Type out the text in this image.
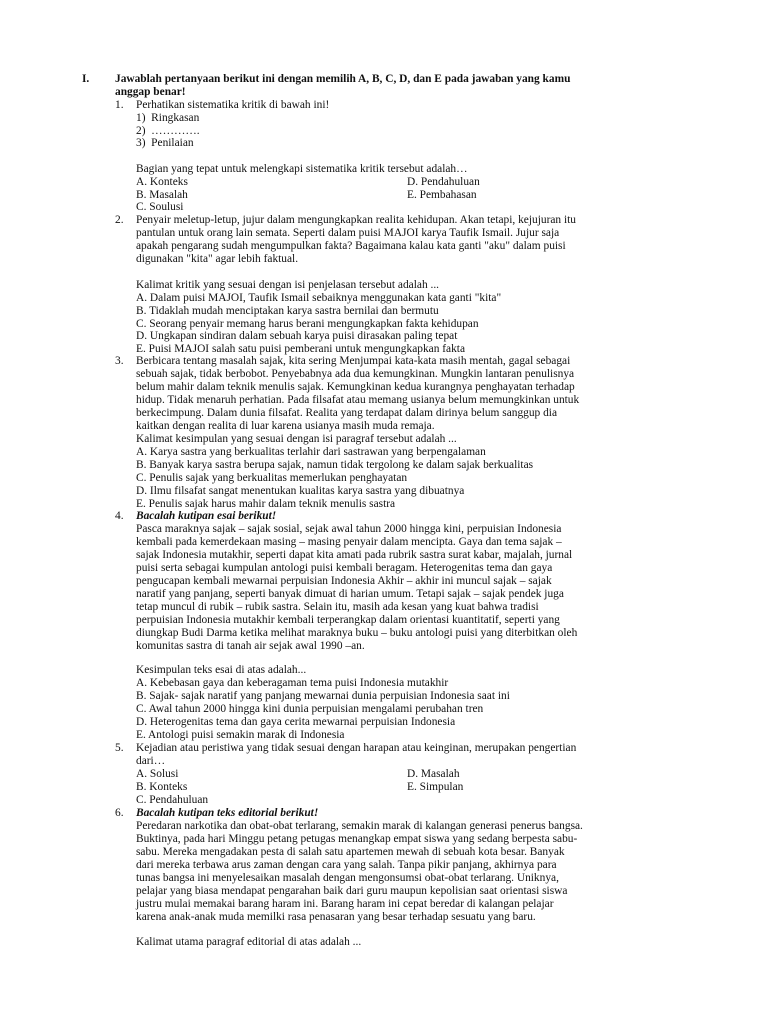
I. Jawablah pertanyaan berikut ini dengan memilih A, B, C, D, dan E pada jawaban yang kamu
anggap benar!
1. Perhatikan sistematika kritik di bawah ini!
1)  Ringkasan
2)  ………….
3)  Penilaian
Bagian yang tepat untuk melengkapi sistematika kritik tersebut adalah…
A. Konteks
B. Masalah
C. Soulusi
D. Pendahuluan
E. Pembahasan
2. Penyair meletup-letup, jujur dalam mengungkapkan realita kehidupan. Akan tetapi, kejujuran itu
pantulan untuk orang lain semata. Seperti dalam puisi MAJOI karya Taufik Ismail. Jujur saja
apakah pengarang sudah mengumpulkan fakta? Bagaimana kalau kata ganti "aku" dalam puisi
digunakan "kita" agar lebih faktual.
Kalimat kritik yang sesuai dengan isi penjelasan tersebut adalah ...
A. Dalam puisi MAJOI, Taufik Ismail sebaiknya menggunakan kata ganti "kita"
B. Tidaklah mudah menciptakan karya sastra bernilai dan bermutu
C. Seorang penyair memang harus berani mengungkapkan fakta kehidupan
D. Ungkapan sindiran dalam sebuah karya puisi dirasakan paling tepat
E. Puisi MAJOI salah satu puisi pemberani untuk mengungkapkan fakta
3. Berbicara tentang masalah sajak, kita sering Menjumpai kata-kata masih mentah, gagal sebagai
sebuah sajak, tidak berbobot. Penyebabnya ada dua kemungkinan. Mungkin lantaran penulisnya
belum mahir dalam teknik menulis sajak. Kemungkinan kedua kurangnya penghayatan terhadap
hidup. Tidak menaruh perhatian. Pada filsafat atau memang usianya belum memungkinkan untuk
berkecimpung. Dalam dunia filsafat. Realita yang terdapat dalam dirinya belum sanggup dia
kaitkan dengan realita di luar karena usianya masih muda remaja.
Kalimat kesimpulan yang sesuai dengan isi paragraf tersebut adalah ...
A. Karya sastra yang berkualitas terlahir dari sastrawan yang berpengalaman
B. Banyak karya sastra berupa sajak, namun tidak tergolong ke dalam sajak berkualitas
C. Penulis sajak yang berkualitas memerlukan penghayatan
D. Ilmu filsafat sangat menentukan kualitas karya sastra yang dibuatnya
E. Penulis sajak harus mahir dalam teknik menulis sastra
4. Bacalah kutipan esai berikut!
Pasca maraknya sajak – sajak sosial, sejak awal tahun 2000 hingga kini, perpuisian Indonesia
kembali pada kemerdekaan masing – masing penyair dalam mencipta. Gaya dan tema sajak –
sajak Indonesia mutakhir, seperti dapat kita amati pada rubrik sastra surat kabar, majalah, jurnal
puisi serta sebagai kumpulan antologi puisi kembali beragam. Heterogenitas tema dan gaya
pengucapan kembali mewarnai perpuisian Indonesia Akhir – akhir ini muncul sajak – sajak
naratif yang panjang, seperti banyak dimuat di harian umum. Tetapi sajak – sajak pendek juga
tetap muncul di rubik – rubik sastra. Selain itu, masih ada kesan yang kuat bahwa tradisi
perpuisian Indonesia mutakhir kembali terperangkap dalam orientasi kuantitatif, seperti yang
diungkap Budi Darma ketika melihat maraknya buku – buku antologi puisi yang diterbitkan oleh
komunitas sastra di tanah air sejak awal 1990 –an.
Kesimpulan teks esai di atas adalah...
A. Kebebasan gaya dan keberagaman tema puisi Indonesia mutakhir
B. Sajak- sajak naratif yang panjang mewarnai dunia perpuisian Indonesia saat ini
C. Awal tahun 2000 hingga kini dunia perpuisian mengalami perubahan tren
D. Heterogenitas tema dan gaya cerita mewarnai perpuisian Indonesia
E. Antologi puisi semakin marak di Indonesia
5. Kejadian atau peristiwa yang tidak sesuai dengan harapan atau keinginan, merupakan pengertian
dari…
A. Solusi
B. Konteks
C. Pendahuluan
D. Masalah
E. Simpulan
6. Bacalah kutipan teks editorial berikut!
Peredaran narkotika dan obat-obat terlarang, semakin marak di kalangan generasi penerus bangsa.
Buktinya, pada hari Minggu petang petugas menangkap empat siswa yang sedang berpesta sabu-
sabu. Mereka mengadakan pesta di salah satu apartemen mewah di sebuah kota besar. Banyak
dari mereka terbawa arus zaman dengan cara yang salah. Tanpa pikir panjang, akhirnya para
tunas bangsa ini menyelesaikan masalah dengan mengonsumsi obat-obat terlarang. Uniknya,
pelajar yang biasa mendapat pengarahan baik dari guru maupun kepolisian saat orientasi siswa
justru mulai memakai barang haram ini. Barang haram ini cepat beredar di kalangan pelajar
karena anak-anak muda memilki rasa penasaran yang besar terhadap sesuatu yang baru.
Kalimat utama paragraf editorial di atas adalah ...
